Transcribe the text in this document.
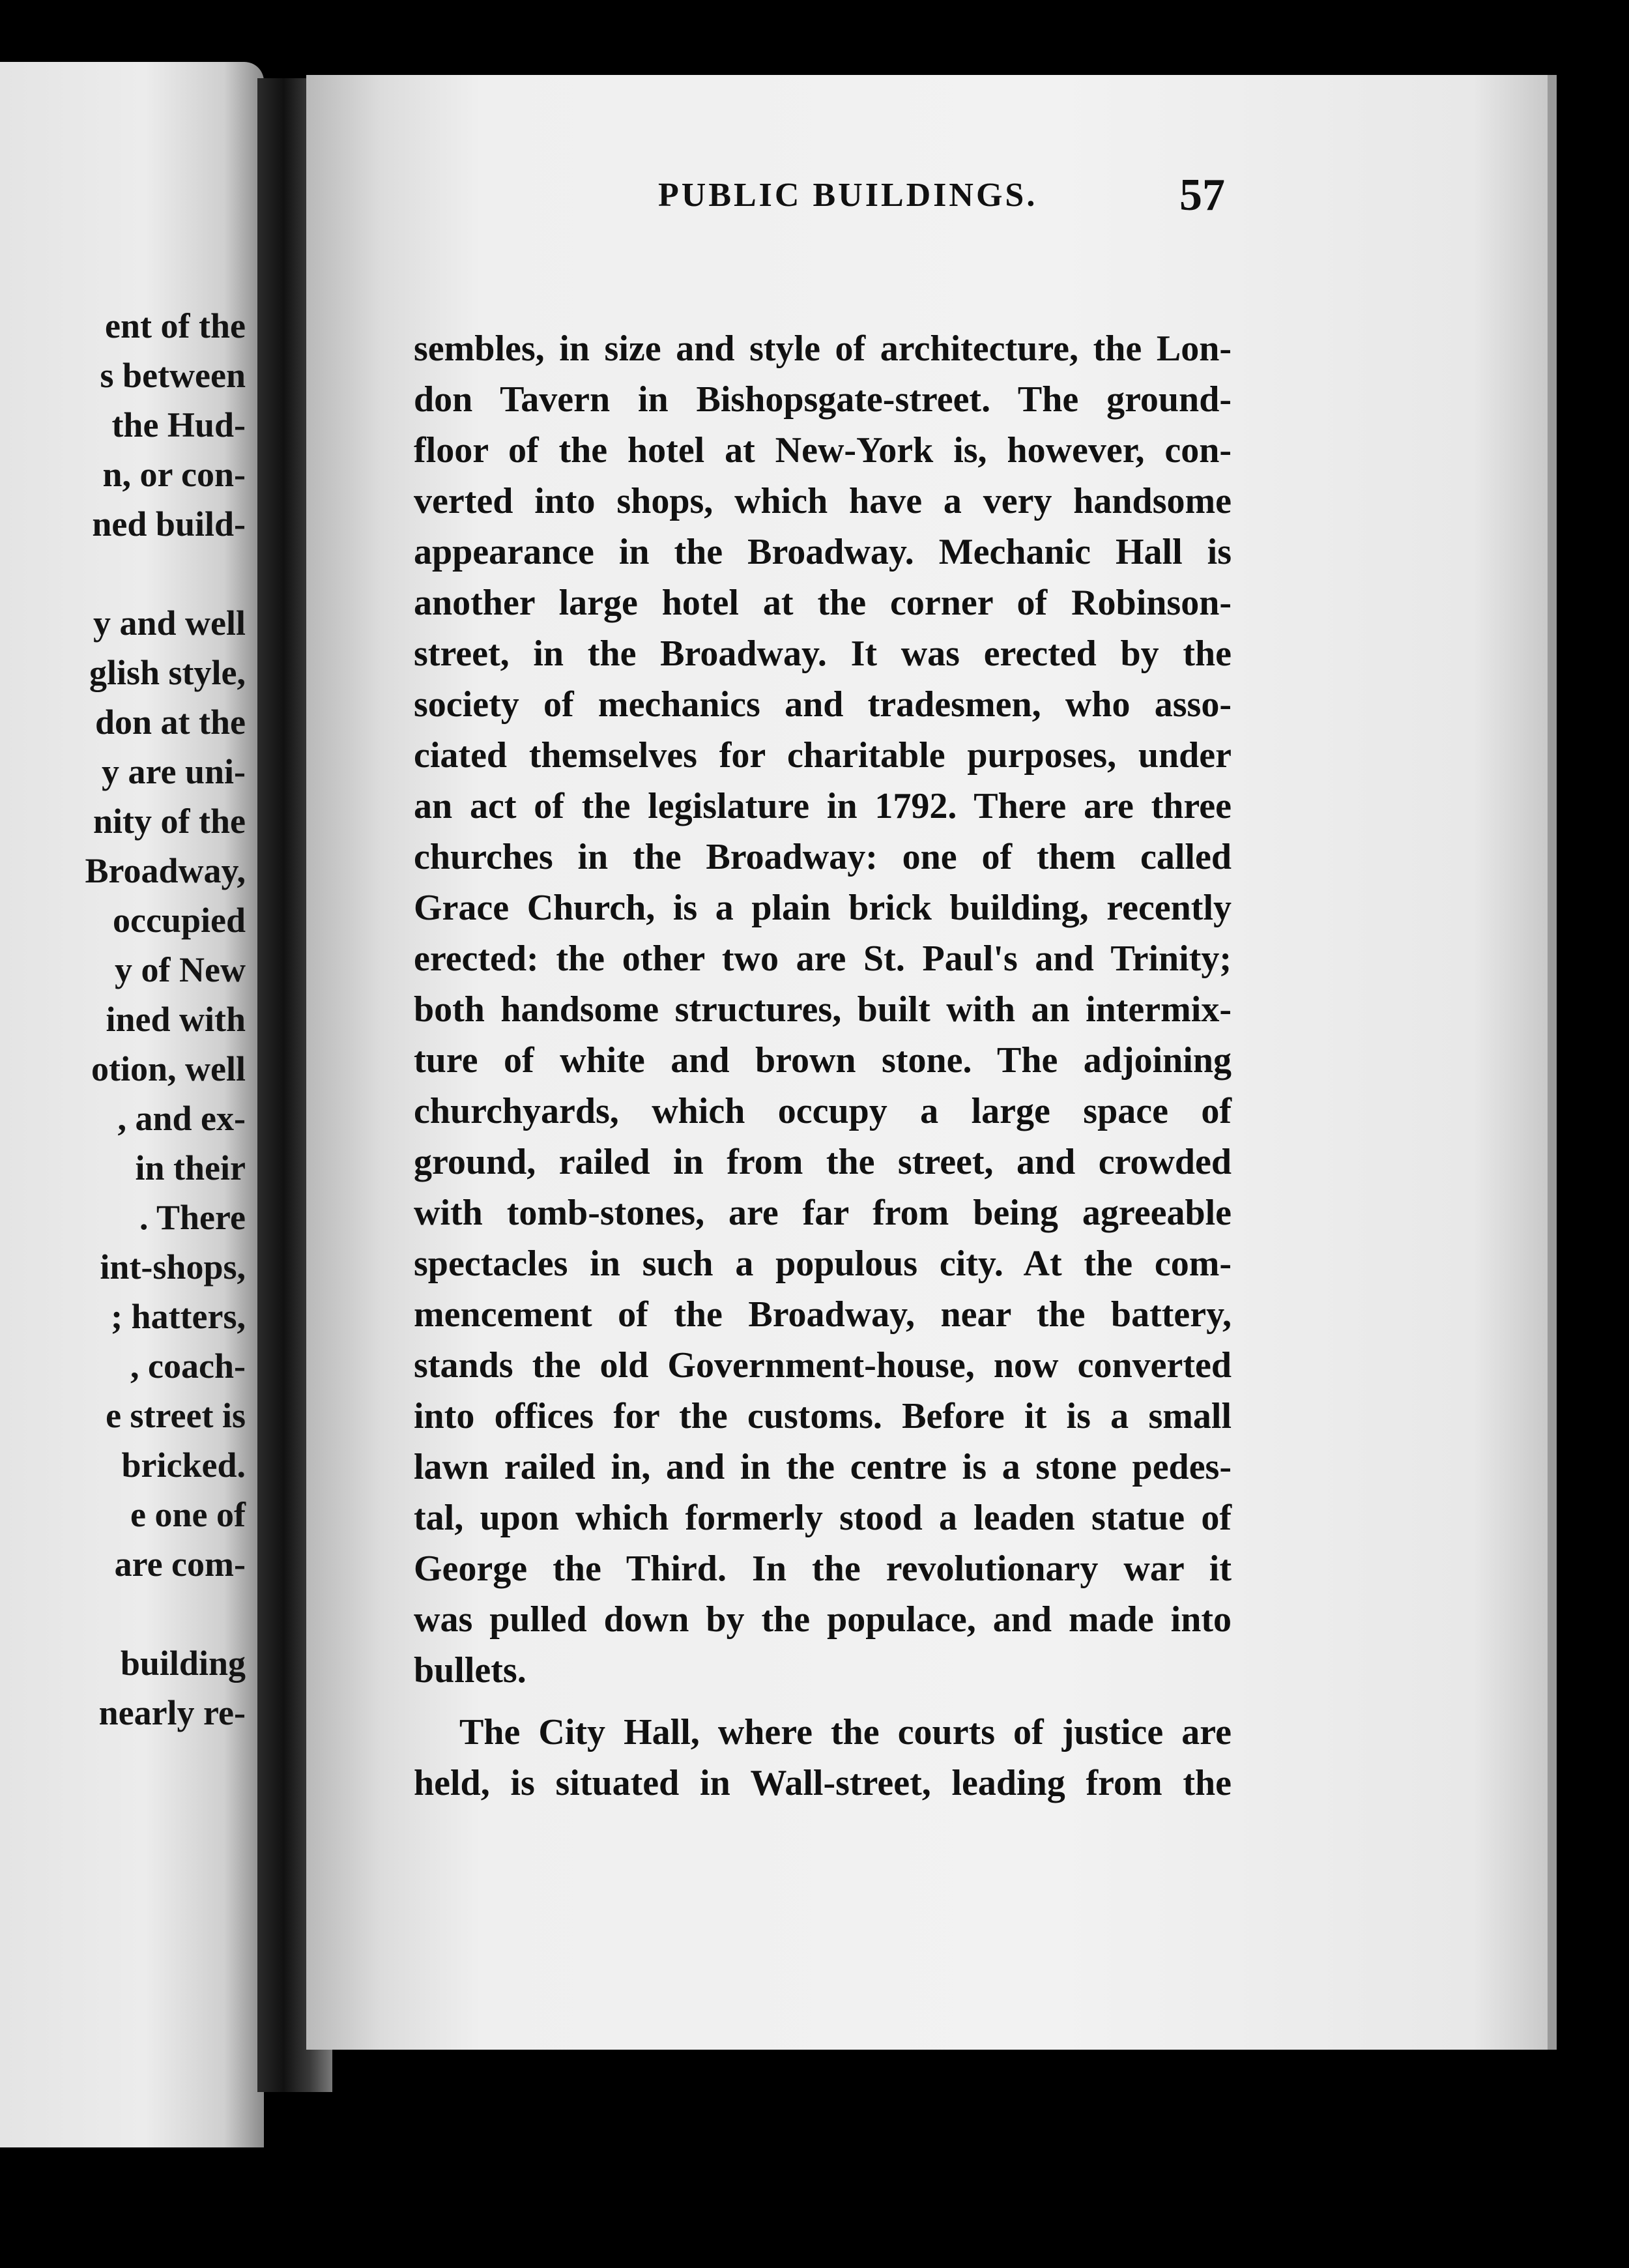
ent of the
s between
the Hud-
n, or con-
ned build-
y and well
glish style,
don at the
y are uni-
nity of the
Broadway,
occupied
y of New
ined with
otion, well
, and ex-
in their
. There
int-shops,
; hatters,
, coach-
e street is
bricked.
e one of
are com-
building
nearly re-
PUBLIC BUILDINGS.	57
sembles, in size and style of architecture, the Lon-
don Tavern in Bishopsgate-street. The ground-
floor of the hotel at New-York is, however, con-
verted into shops, which have a very handsome
appearance in the Broadway. Mechanic Hall is
another large hotel at the corner of Robinson-
street, in the Broadway. It was erected by the
society of mechanics and tradesmen, who asso-
ciated themselves for charitable purposes, under
an act of the legislature in 1792. There are three
churches in the Broadway: one of them called
Grace Church, is a plain brick building, recently
erected: the other two are St. Paul's and Trinity;
both handsome structures, built with an intermix-
ture of white and brown stone. The adjoining
churchyards, which occupy a large space of
ground, railed in from the street, and crowded
with tomb-stones, are far from being agreeable
spectacles in such a populous city. At the com-
mencement of the Broadway, near the battery,
stands the old Government-house, now converted
into offices for the customs. Before it is a small
lawn railed in, and in the centre is a stone pedes-
tal, upon which formerly stood a leaden statue of
George the Third. In the revolutionary war it
was pulled down by the populace, and made into
bullets.
The City Hall, where the courts of justice are
held, is situated in Wall-street, leading from the
